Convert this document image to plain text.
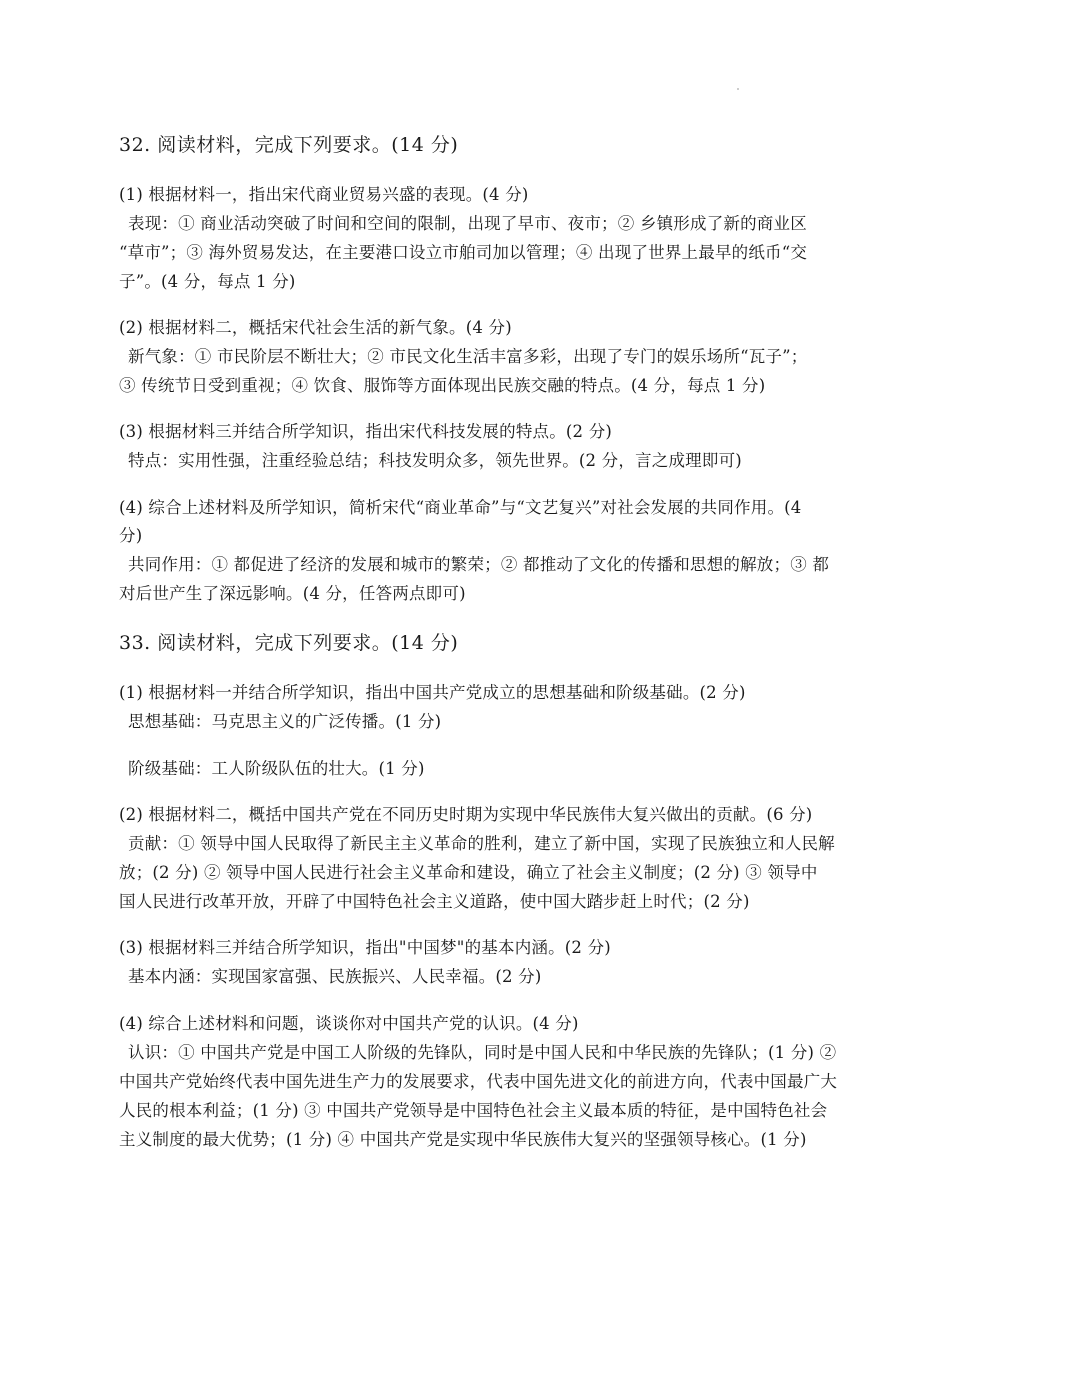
32. 阅读材料，完成下列要求。(14 分)
(1) 根据材料一，指出宋代商业贸易兴盛的表现。(4 分)
表现：① 商业活动突破了时间和空间的限制，出现了早市、夜市；② 乡镇形成了新的商业区
“草市”；③ 海外贸易发达，在主要港口设立市舶司加以管理；④ 出现了世界上最早的纸币“交
子”。(4 分，每点 1 分)
(2) 根据材料二，概括宋代社会生活的新气象。(4 分)
新气象：① 市民阶层不断壮大；② 市民文化生活丰富多彩，出现了专门的娱乐场所“瓦子”；
③ 传统节日受到重视；④ 饮食、服饰等方面体现出民族交融的特点。(4 分，每点 1 分)
(3) 根据材料三并结合所学知识，指出宋代科技发展的特点。(2 分)
特点：实用性强，注重经验总结；科技发明众多，领先世界。(2 分，言之成理即可)
(4) 综合上述材料及所学知识，简析宋代“商业革命”与“文艺复兴”对社会发展的共同作用。(4
分)
共同作用：① 都促进了经济的发展和城市的繁荣；② 都推动了文化的传播和思想的解放；③ 都
对后世产生了深远影响。(4 分，任答两点即可)
33. 阅读材料，完成下列要求。(14 分)
(1) 根据材料一并结合所学知识，指出中国共产党成立的思想基础和阶级基础。(2 分)
思想基础：马克思主义的广泛传播。(1 分)
阶级基础：工人阶级队伍的壮大。(1 分)
(2) 根据材料二，概括中国共产党在不同历史时期为实现中华民族伟大复兴做出的贡献。(6 分)
贡献：① 领导中国人民取得了新民主主义革命的胜利，建立了新中国，实现了民族独立和人民解
放；(2 分) ② 领导中国人民进行社会主义革命和建设，确立了社会主义制度；(2 分) ③ 领导中
国人民进行改革开放，开辟了中国特色社会主义道路，使中国大踏步赶上时代；(2 分)
(3) 根据材料三并结合所学知识，指出"中国梦"的基本内涵。(2 分)
基本内涵：实现国家富强、民族振兴、人民幸福。(2 分)
(4) 综合上述材料和问题，谈谈你对中国共产党的认识。(4 分)
认识：① 中国共产党是中国工人阶级的先锋队，同时是中国人民和中华民族的先锋队；(1 分) ②
中国共产党始终代表中国先进生产力的发展要求，代表中国先进文化的前进方向，代表中国最广大
人民的根本利益；(1 分) ③ 中国共产党领导是中国特色社会主义最本质的特征，是中国特色社会
主义制度的最大优势；(1 分) ④ 中国共产党是实现中华民族伟大复兴的坚强领导核心。(1 分)
